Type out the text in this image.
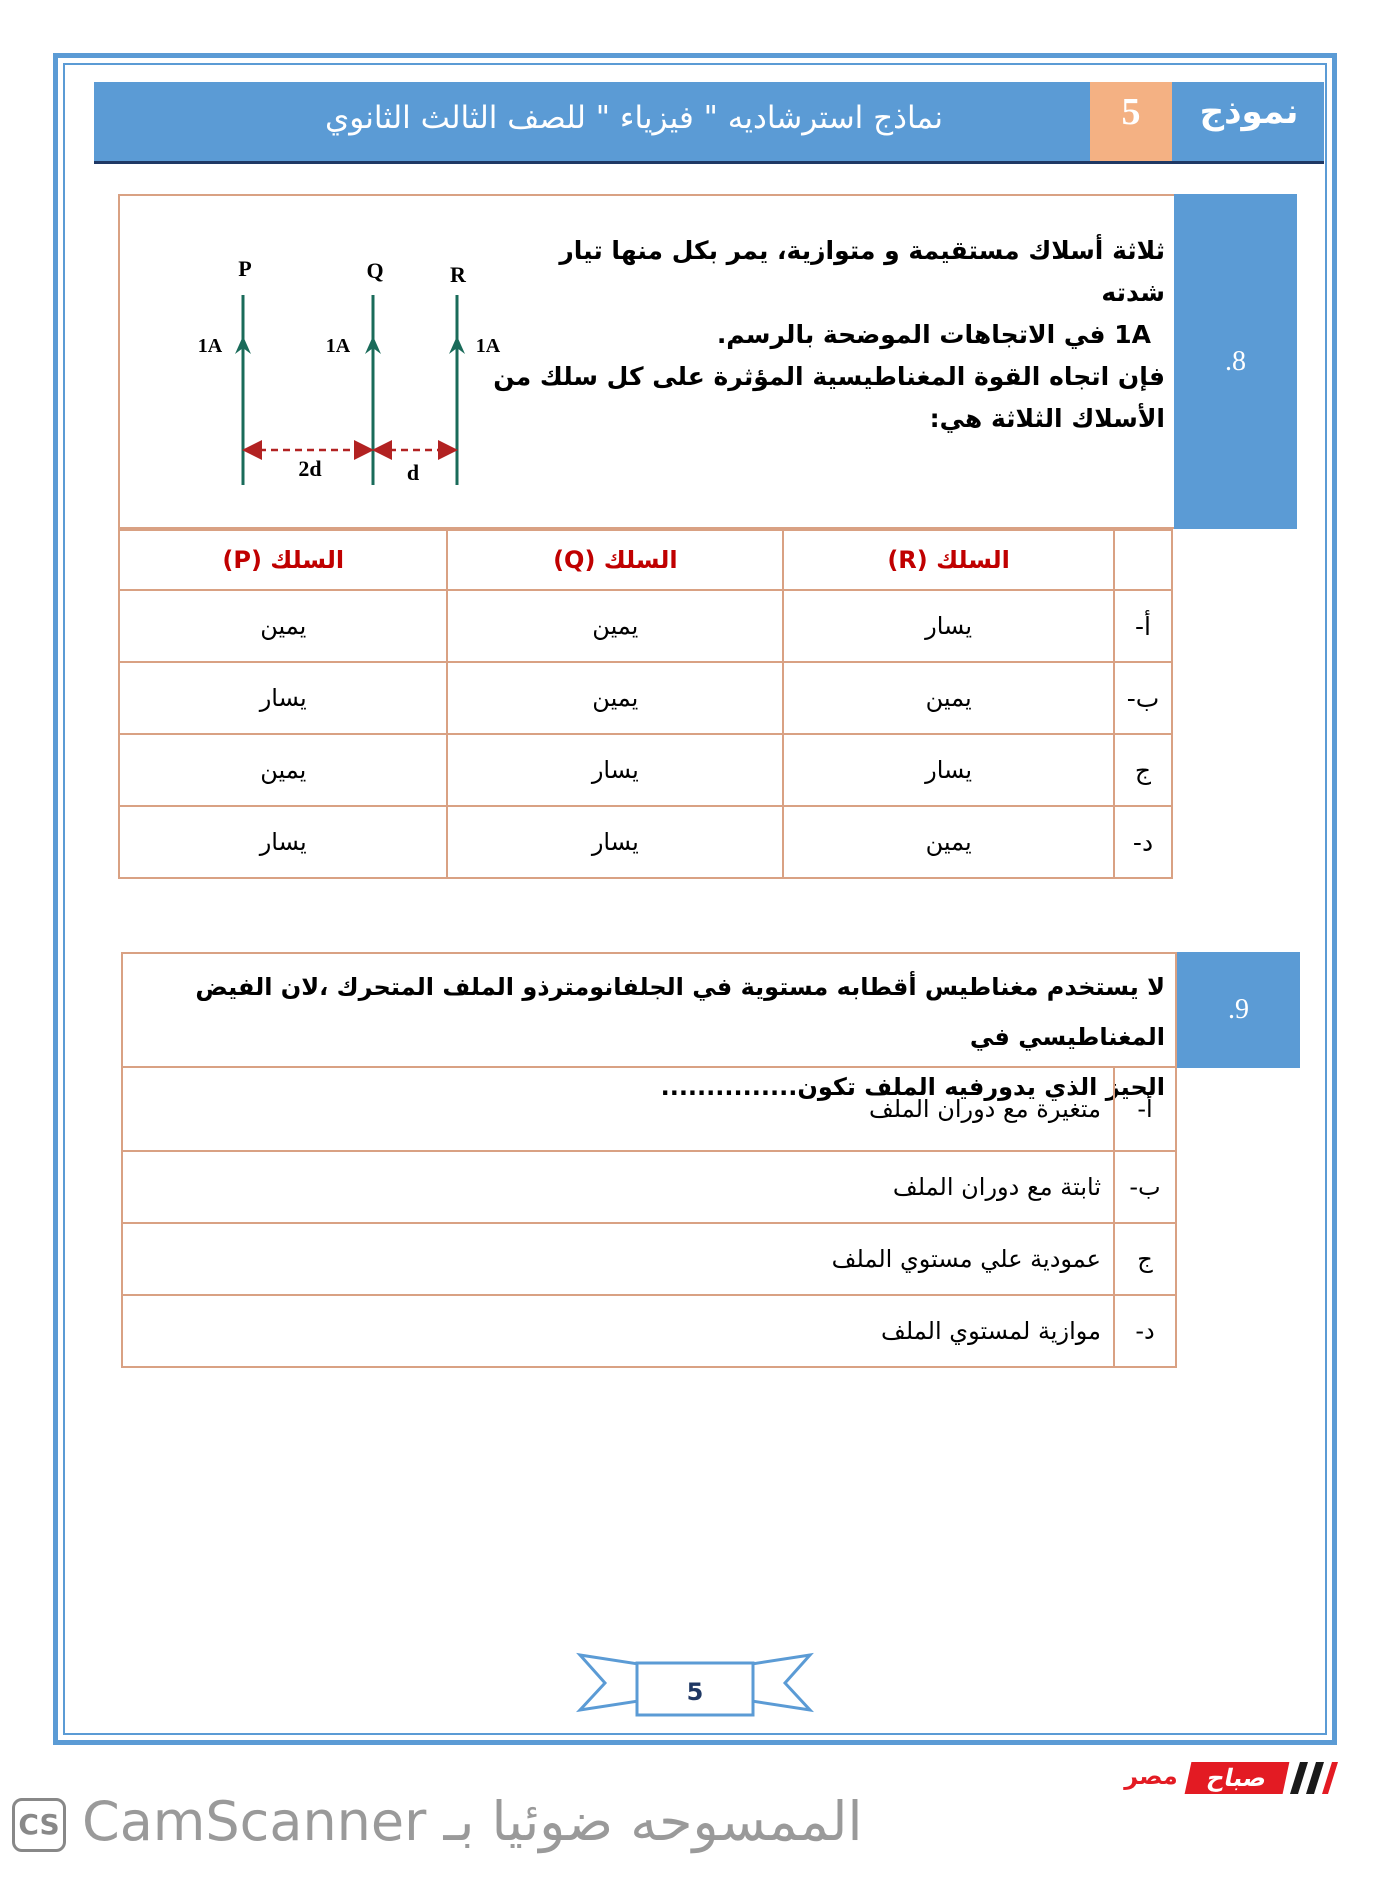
نماذج استرشاديه " فيزياء " للصف الثالث الثانوي	5	نموذج
.8

ثلاثة أسلاك مستقيمة و متوازية، يمر بكل منها تيار شدته

1A في الاتجاهات الموضحة بالرسم.

فإن اتجاه القوة المغناطيسية المؤثرة على كل سلك من

الأسلاك الثلاثة هي:

P	Q	R
1A	1A	1A
2d	d
	السلك (R)	السلك (Q)	السلك (P)
أ-	يسار	يمين	يمين
ب-	يمين	يمين	يسار
ج	يسار	يسار	يمين
د-	يمين	يسار	يسار
.9
لا يستخدم مغناطيس أقطابه مستوية في الجلفانومترذو الملف المتحرك ،لان الفيض المغناطيسي في
الحيز الذي يدورفيه الملف تكون...............
أ-	متغيرة مع دوران الملف
ب-	ثابتة مع دوران الملف
ج	عمودية علي مستوي الملف
د-	موازية لمستوي الملف
5
صباح
مصر
CS الممسوحه ضوئيا بـ CamScanner
